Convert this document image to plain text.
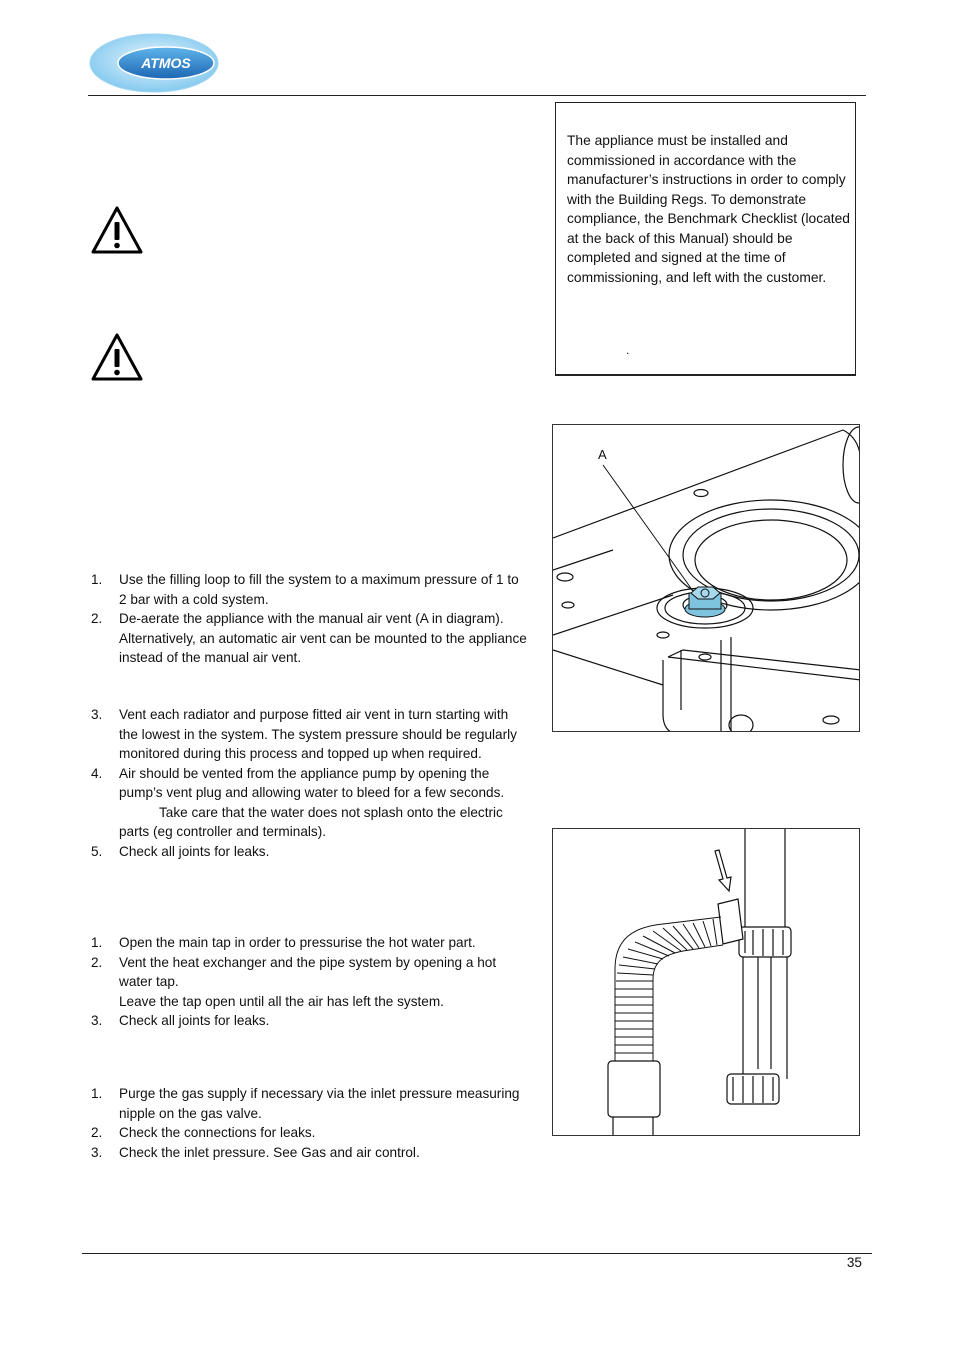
ATMOS
The appliance must be installed and commissioned in accordance with the manufacturer’s instructions in order to comply with the Building Regs. To demonstrate compliance, the Benchmark Checklist (located at the back of this Manual) should be completed and signed at the time of commissioning, and left with the customer.
.
A
1. Use the filling loop to fill the system to a maximum pressure of 1 to
2 bar with a cold system.
2. De-aerate the appliance with the manual air vent (A in diagram).
Alternatively, an automatic air vent can be mounted to the appliance
instead of the manual air vent.
3. Vent each radiator and purpose fitted air vent in turn starting with
the lowest in the system. The system pressure should be regularly
monitored during this process and topped up when required.
4. Air should be vented from the appliance pump by opening the
pump’s vent plug and allowing water to bleed for a few seconds.
Take care that the water does not splash onto the electric
parts (eg controller and terminals).
5. Check all joints for leaks.
1. Open the main tap in order to pressurise the hot water part.
2. Vent the heat exchanger and the pipe system by opening a hot
water tap.
Leave the tap open until all the air has left the system.
3. Check all joints for leaks.
1. Purge the gas supply if necessary via the inlet pressure measuring
nipple on the gas valve.
2. Check the connections for leaks.
3. Check the inlet pressure. See Gas and air control.
35
